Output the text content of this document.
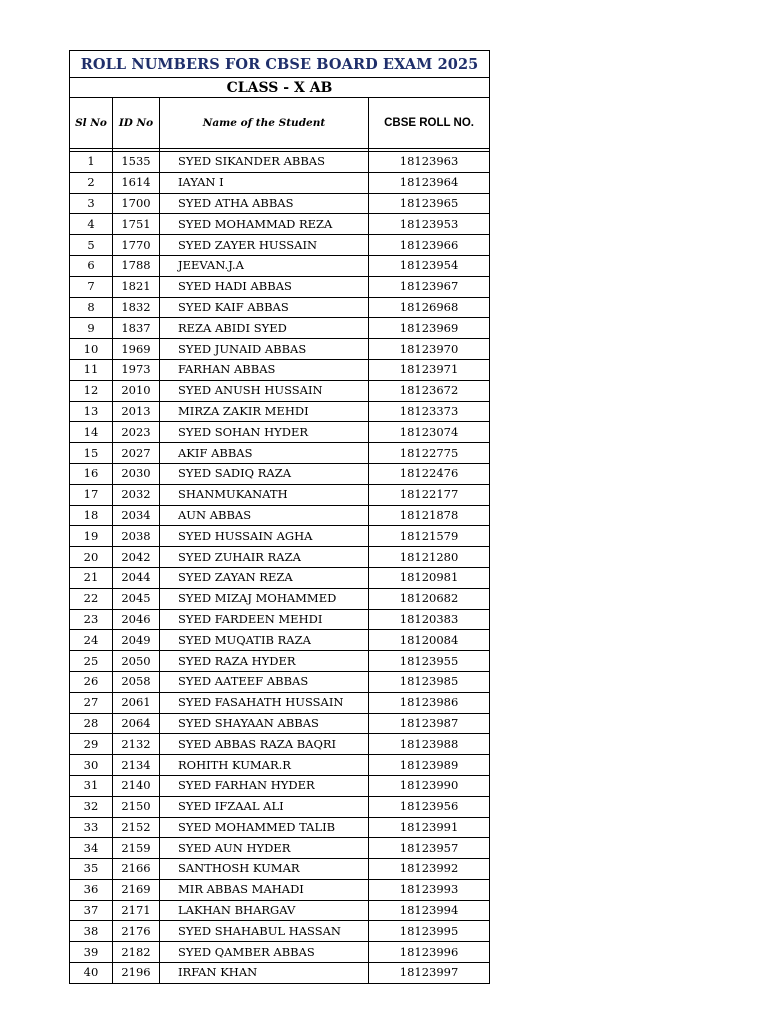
ROLL NUMBERS FOR CBSE BOARD EXAM 2025			
CLASS - X AB			
Sl No	ID No	Name of the Student	CBSE ROLL NO.

1	1535	SYED SIKANDER ABBAS	18123963
2	1614	IAYAN I	18123964
3	1700	SYED ATHA ABBAS	18123965
4	1751	SYED MOHAMMAD REZA	18123953
5	1770	SYED ZAYER HUSSAIN	18123966
6	1788	JEEVAN.J.A	18123954
7	1821	SYED HADI ABBAS	18123967
8	1832	SYED KAIF ABBAS	18126968
9	1837	REZA ABIDI SYED	18123969
10	1969	SYED JUNAID ABBAS	18123970
11	1973	FARHAN ABBAS	18123971
12	2010	SYED ANUSH HUSSAIN	18123672
13	2013	MIRZA ZAKIR MEHDI	18123373
14	2023	SYED SOHAN HYDER	18123074
15	2027	AKIF ABBAS	18122775
16	2030	SYED SADIQ RAZA	18122476
17	2032	SHANMUKANATH	18122177
18	2034	AUN ABBAS	18121878
19	2038	SYED HUSSAIN AGHA	18121579
20	2042	SYED ZUHAIR RAZA	18121280
21	2044	SYED ZAYAN REZA	18120981
22	2045	SYED MIZAJ MOHAMMED	18120682
23	2046	SYED FARDEEN MEHDI	18120383
24	2049	SYED MUQATIB RAZA	18120084
25	2050	SYED RAZA HYDER	18123955
26	2058	SYED AATEEF ABBAS	18123985
27	2061	SYED FASAHATH HUSSAIN	18123986
28	2064	SYED SHAYAAN ABBAS	18123987
29	2132	SYED ABBAS RAZA BAQRI	18123988
30	2134	ROHITH KUMAR.R	18123989
31	2140	SYED FARHAN HYDER	18123990
32	2150	SYED IFZAAL ALI	18123956
33	2152	SYED MOHAMMED TALIB	18123991
34	2159	SYED AUN HYDER	18123957
35	2166	SANTHOSH KUMAR	18123992
36	2169	MIR ABBAS MAHADI	18123993
37	2171	LAKHAN BHARGAV	18123994
38	2176	SYED SHAHABUL HASSAN	18123995
39	2182	SYED QAMBER ABBAS	18123996
40	2196	IRFAN KHAN	18123997
